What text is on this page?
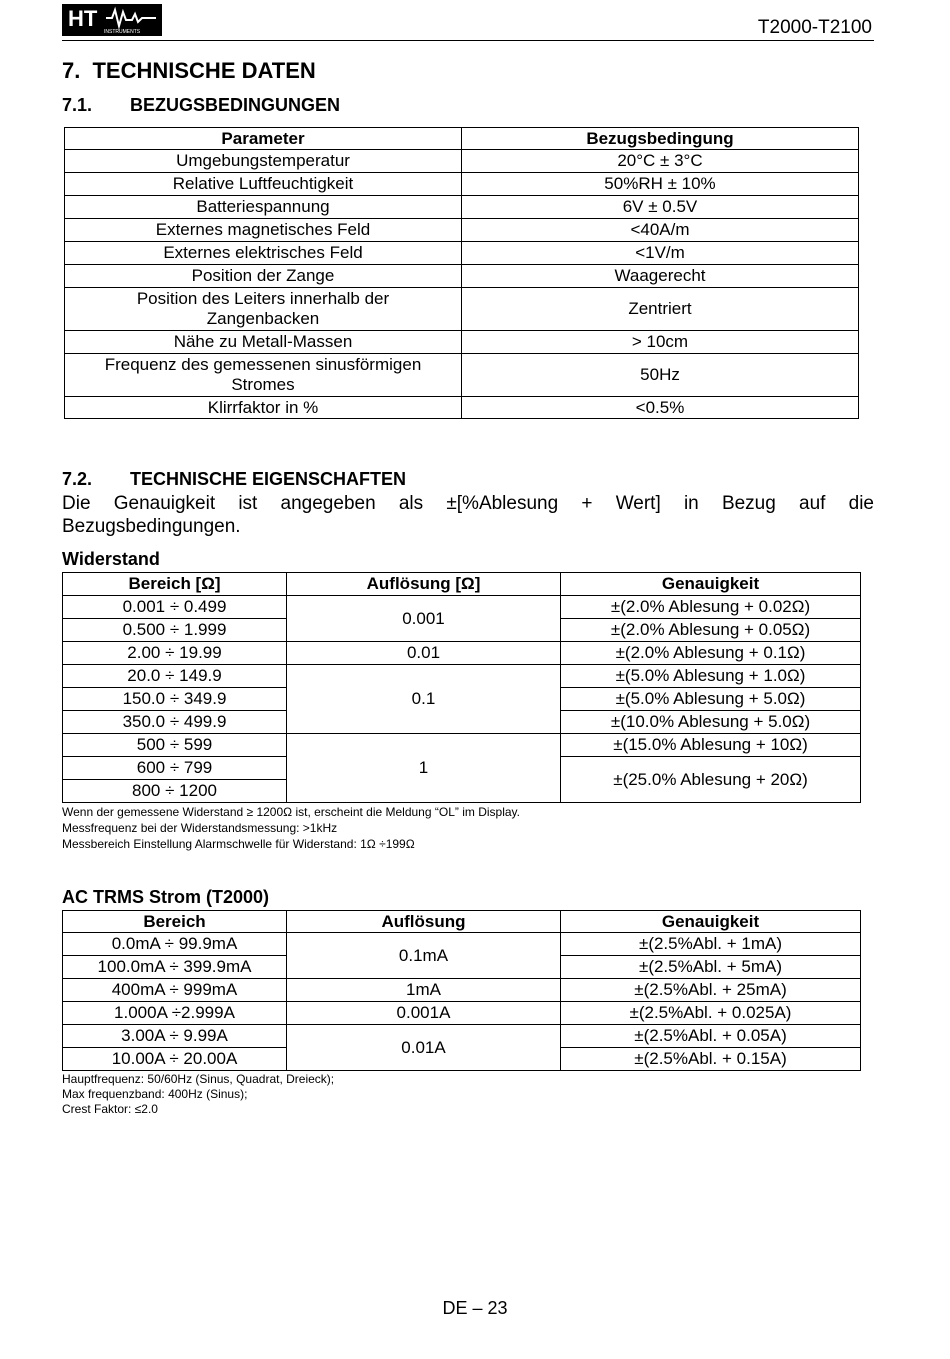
HT
INSTRUMENTS	T2000-T2100
7. TECHNISCHE DATEN
7.1. BEZUGSBEDINGUNGEN
Parameter	Bezugsbedingung
Umgebungstemperatur	20°C ± 3°C
Relative Luftfeuchtigkeit	50%RH ± 10%
Batteriespannung	6V ± 0.5V
Externes magnetisches Feld	<40A/m
Externes elektrisches Feld	<1V/m
Position der Zange	Waagerecht
Position des Leiters innerhalb der Zangenbacken	Zentriert
Nähe zu Metall-Massen	> 10cm
Frequenz des gemessenen sinusförmigen Stromes	50Hz
Klirrfaktor in %	<0.5%
7.2. TECHNISCHE EIGENSCHAFTEN
Die Genauigkeit ist angegeben als ±[%Ablesung + Wert] in Bezug auf die
Bezugsbedingungen.
Widerstand
Bereich [Ω]	Auflösung [Ω]	Genauigkeit
0.001 ÷ 0.499	0.001	±(2.0% Ablesung + 0.02Ω)
0.500 ÷ 1.999		±(2.0% Ablesung + 0.05Ω)
2.00 ÷ 19.99	0.01	±(2.0% Ablesung + 0.1Ω)
20.0 ÷ 149.9	0.1	±(5.0% Ablesung + 1.0Ω)
150.0 ÷ 349.9		±(5.0% Ablesung + 5.0Ω)
350.0 ÷ 499.9		±(10.0% Ablesung + 5.0Ω)
500 ÷ 599	1	±(15.0% Ablesung + 10Ω)
600 ÷ 799		±(25.0% Ablesung + 20Ω)
800 ÷ 1200		
Wenn der gemessene Widerstand ≥ 1200Ω ist, erscheint die Meldung “OL” im Display.
Messfrequenz bei der Widerstandsmessung: >1kHz
Messbereich Einstellung Alarmschwelle für Widerstand: 1Ω ÷199Ω
AC TRMS Strom (T2000)
Bereich	Auflösung	Genauigkeit
0.0mA ÷ 99.9mA	0.1mA	±(2.5%Abl. + 1mA)
100.0mA ÷ 399.9mA		±(2.5%Abl. + 5mA)
400mA ÷ 999mA	1mA	±(2.5%Abl. + 25mA)
1.000A ÷2.999A	0.001A	±(2.5%Abl. + 0.025A)
3.00A ÷ 9.99A	0.01A	±(2.5%Abl. + 0.05A)
10.00A ÷ 20.00A		±(2.5%Abl. + 0.15A)
Hauptfrequenz: 50/60Hz (Sinus, Quadrat, Dreieck);
Max frequenzband: 400Hz (Sinus);
Crest Faktor: ≤2.0
DE – 23
